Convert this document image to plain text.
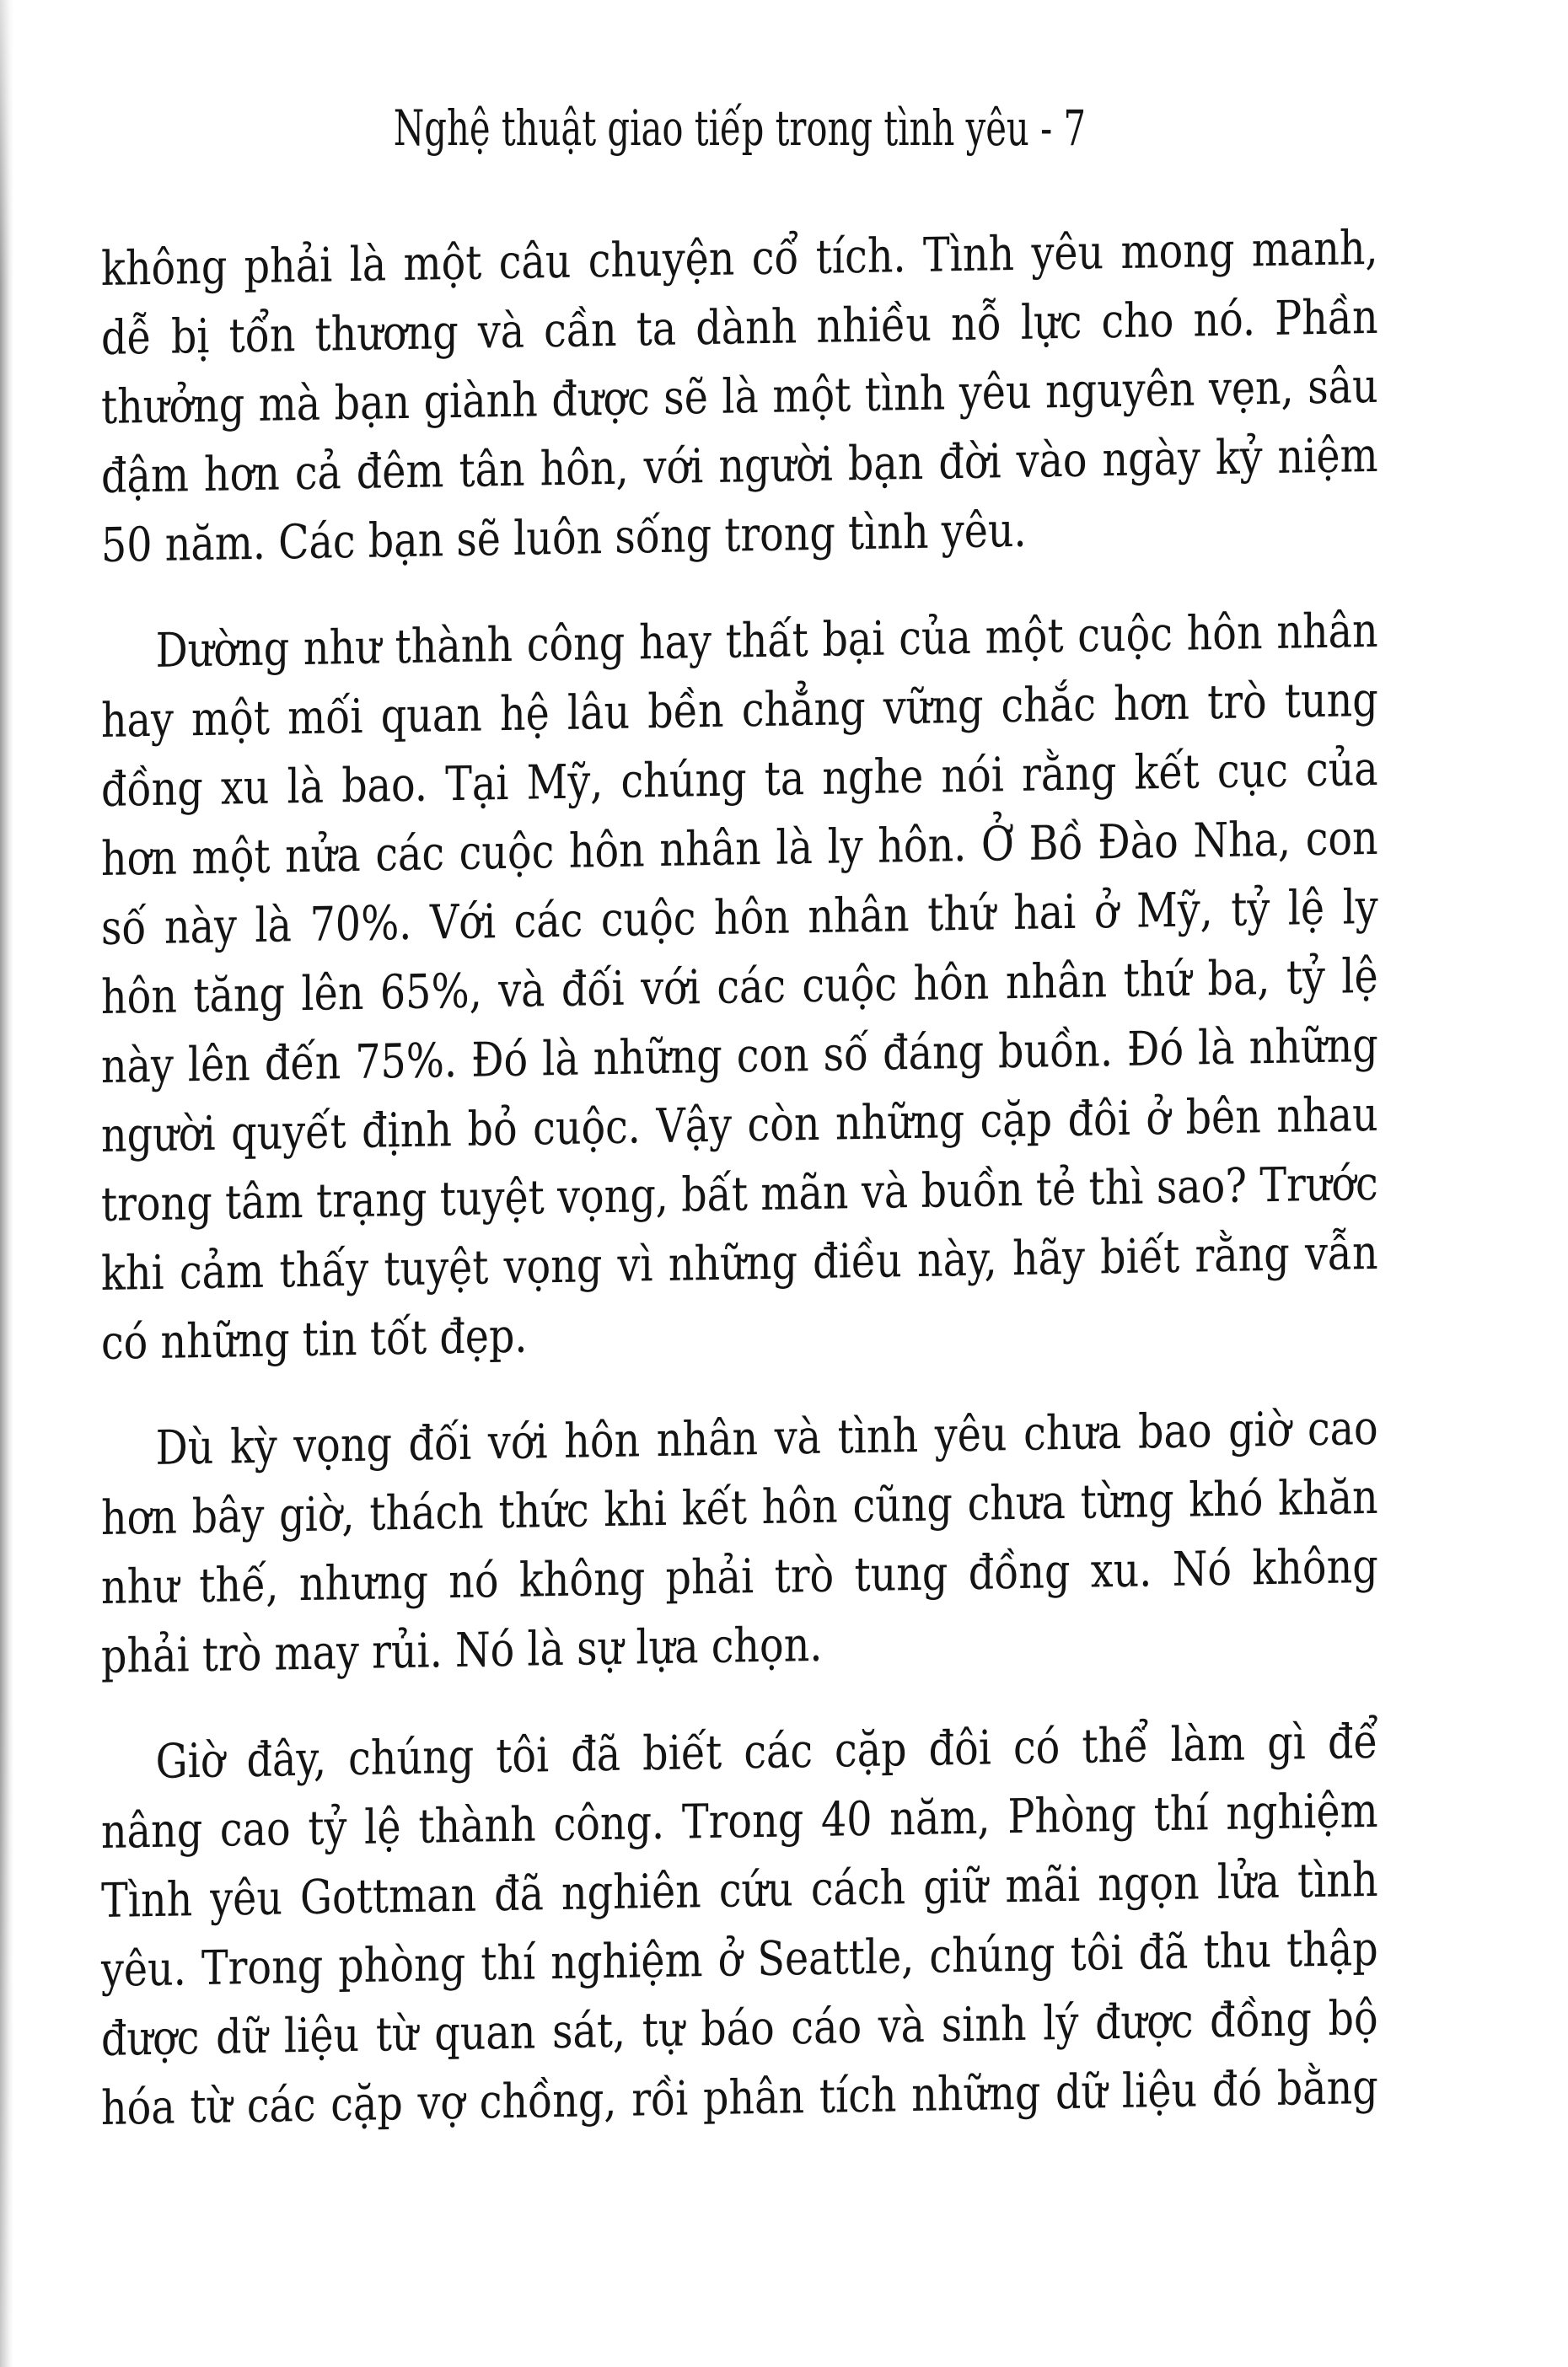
Nghệ thuật giao tiếp trong tình yêu - 7
không phải là một câu chuyện cổ tích. Tình yêu mong manh,
dễ bị tổn thương và cần ta dành nhiều nỗ lực cho nó. Phần
thưởng mà bạn giành được sẽ là một tình yêu nguyên vẹn, sâu
đậm hơn cả đêm tân hôn, với người bạn đời vào ngày kỷ niệm
50 năm. Các bạn sẽ luôn sống trong tình yêu.
Dường như thành công hay thất bại của một cuộc hôn nhân
hay một mối quan hệ lâu bền chẳng vững chắc hơn trò tung
đồng xu là bao. Tại Mỹ, chúng ta nghe nói rằng kết cục của
hơn một nửa các cuộc hôn nhân là ly hôn. Ở Bồ Đào Nha, con
số này là 70%. Với các cuộc hôn nhân thứ hai ở Mỹ, tỷ lệ ly
hôn tăng lên 65%, và đối với các cuộc hôn nhân thứ ba, tỷ lệ
này lên đến 75%. Đó là những con số đáng buồn. Đó là những
người quyết định bỏ cuộc. Vậy còn những cặp đôi ở bên nhau
trong tâm trạng tuyệt vọng, bất mãn và buồn tẻ thì sao? Trước
khi cảm thấy tuyệt vọng vì những điều này, hãy biết rằng vẫn
có những tin tốt đẹp.
Dù kỳ vọng đối với hôn nhân và tình yêu chưa bao giờ cao
hơn bây giờ, thách thức khi kết hôn cũng chưa từng khó khăn
như thế, nhưng nó không phải trò tung đồng xu. Nó không
phải trò may rủi. Nó là sự lựa chọn.
Giờ đây, chúng tôi đã biết các cặp đôi có thể làm gì để
nâng cao tỷ lệ thành công. Trong 40 năm, Phòng thí nghiệm
Tình yêu Gottman đã nghiên cứu cách giữ mãi ngọn lửa tình
yêu. Trong phòng thí nghiệm ở Seattle, chúng tôi đã thu thập
được dữ liệu từ quan sát, tự báo cáo và sinh lý được đồng bộ
hóa từ các cặp vợ chồng, rồi phân tích những dữ liệu đó bằng
